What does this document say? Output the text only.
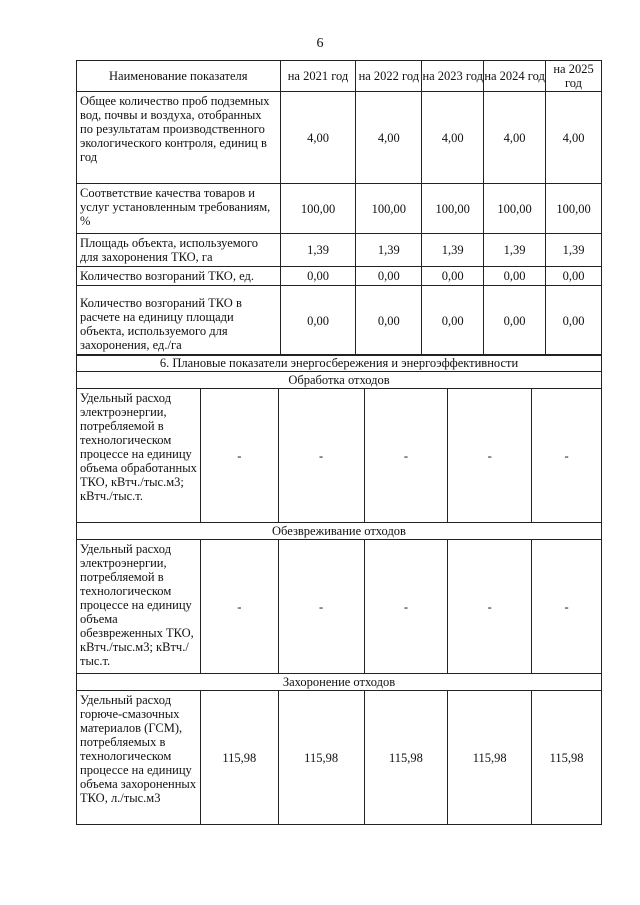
6
Наименование показателя	на 2021 год	на 2022 год	на 2023 год	на 2024 год	на 2025 год
Общее количество проб подземных вод, почвы и воздуха, отобранных по результатам производственного экологического контроля, единиц в год	4,00	4,00	4,00	4,00	4,00
Соответствие качества товаров и услуг установленным требованиям, %	100,00	100,00	100,00	100,00	100,00
Площадь объекта, используемого для захоронения ТКО, га	1,39	1,39	1,39	1,39	1,39
Количество возгораний ТКО, ед.	0,00	0,00	0,00	0,00	0,00
Количество возгораний ТКО в расчете на единицу площади объекта, используемого для захоронения, ед./га	0,00	0,00	0,00	0,00	0,00
6. Плановые показатели энергосбережения и энергоэффективности					
Обработка отходов					
Удельный расход электроэнергии, потребляемой в технологическом процессе на единицу объема обработанных ТКО, кВтч./тыс.м3; кВтч./тыс.т.	-	-	-	-	-
Обезвреживание отходов					
Удельный расход электроэнергии, потребляемой в технологическом процессе на единицу объема обезвреженных ТКО, кВтч./тыс.м3; кВтч./тыс.т.	-	-	-	-	-
Захоронение отходов					
Удельный расход горюче-смазочных материалов (ГСМ), потребляемых в технологическом процессе на единицу объема захороненных ТКО, л./тыс.м3	115,98	115,98	115,98	115,98	115,98
